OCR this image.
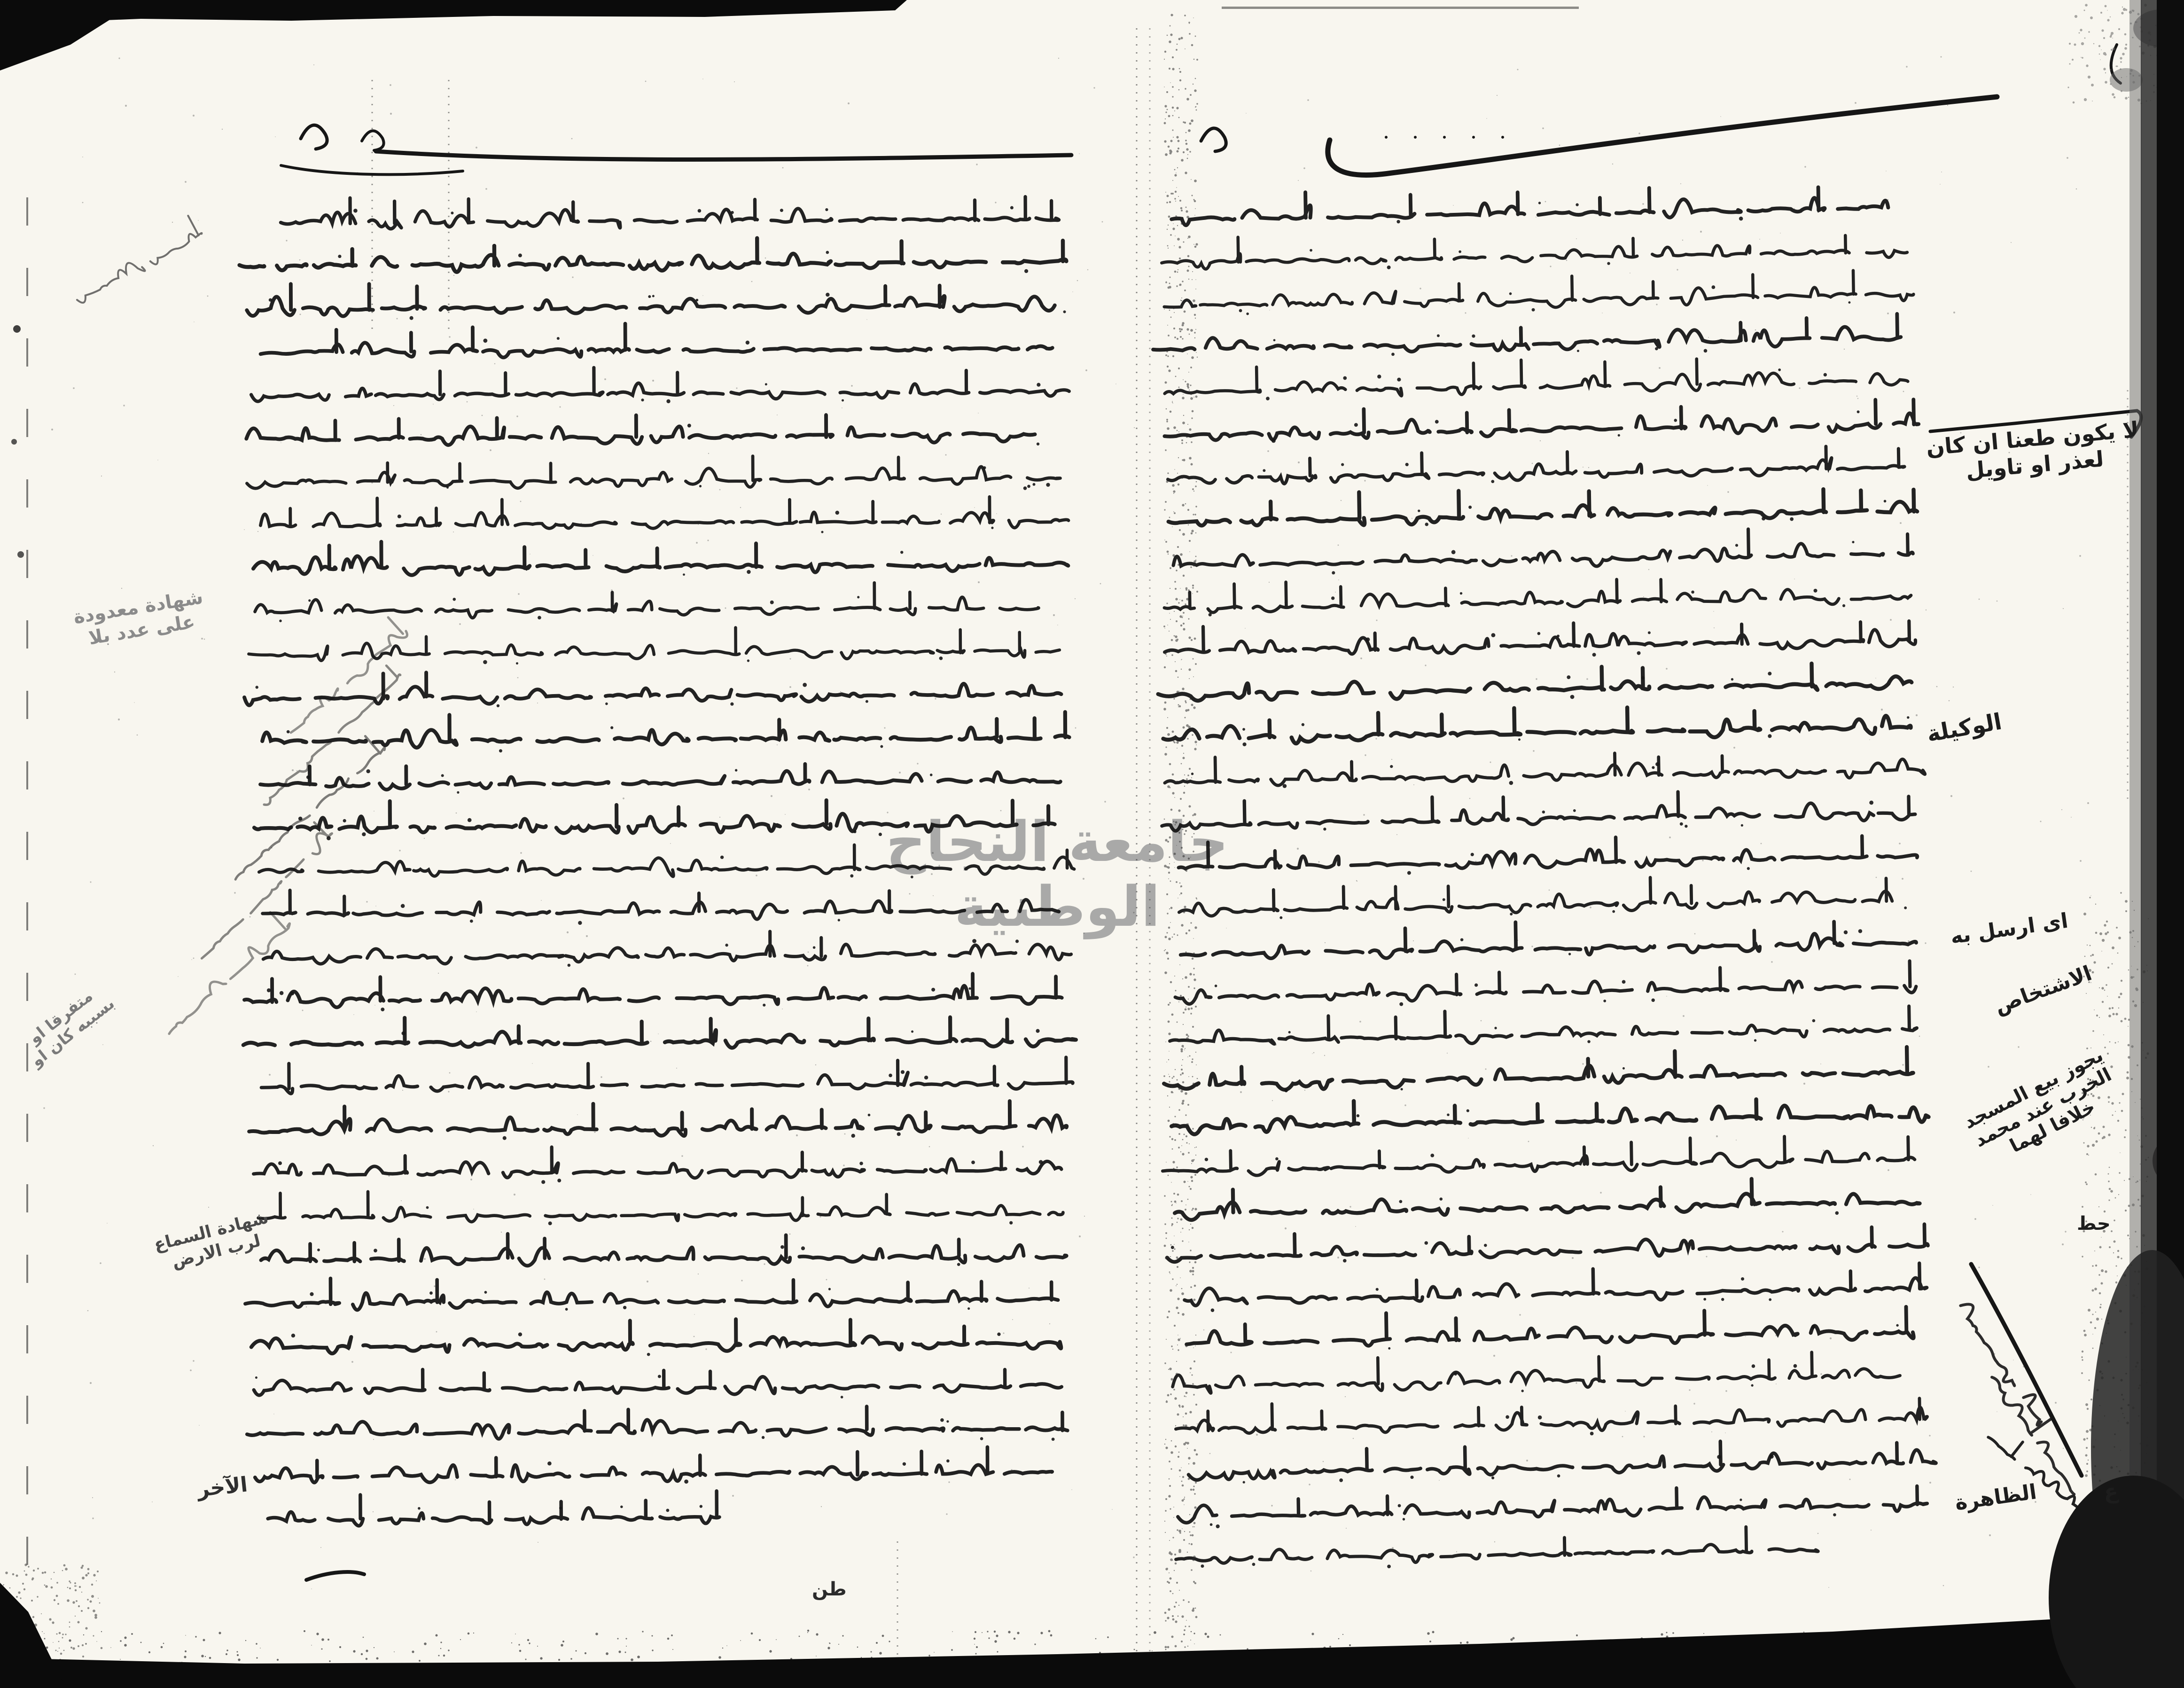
جامعة النجاح الوطنية
لا يكون طعنا ان كان
لعذر او تاويل
الوكيلة
اى ارسل به
الاشتخاص
يجوز بيع المسجد
الخرب عند محمد
خلافا لهما
حط
الظاهرة	ع
شهادة معدودة
على عدد بلا
شهادة السماع
لرب الارض
متفرقا او
بسببه كان او
الآخر
طن
